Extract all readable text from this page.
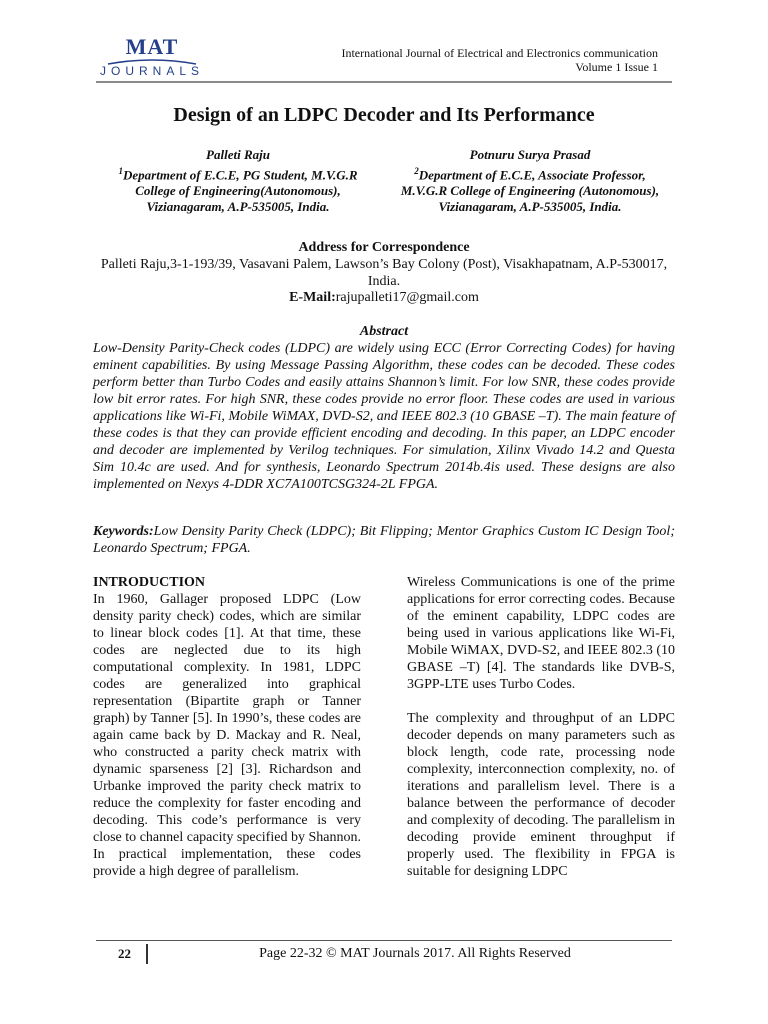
MAT
JOURNALS
International Journal of Electrical and Electronics communication
Volume 1 Issue 1
Design of an LDPC Decoder and Its Performance

Palleti Raju

$^1$Department of E.C.E, PG Student, M.V.G.R

College of Engineering(Autonomous),

Vizianagaram, A.P-535005, India.

Potnuru Surya Prasad

$^2$Department of E.C.E, Associate Professor,

M.V.G.R College of Engineering (Autonomous),

Vizianagaram, A.P-535005, India.

Address for Correspondence
Palleti Raju,3-1-193/39, Vasavani Palem, Lawson’s Bay Colony (Post), Visakhapatnam, A.P-530017, India.
E-Mail:rajupalleti17@gmail.com
Abstract

Low-Density Parity-Check codes (LDPC) are widely using ECC (Error Correcting Codes) for having eminent capabilities. By using Message Passing Algorithm, these codes can be decoded. These codes perform better than Turbo Codes and easily attains Shannon’s limit. For low SNR, these codes provide low bit error rates. For high SNR, these codes provide no error floor. These codes are used in various applications like Wi-Fi, Mobile WiMAX, DVD-S2, and IEEE 802.3 (10 GBASE –T). The main feature of these codes is that they can provide efficient encoding and decoding. In this paper, an LDPC encoder and decoder are implemented by Verilog techniques. For simulation, Xilinx Vivado 14.2 and Questa Sim 10.4c are used. And for synthesis, Leonardo Spectrum 2014b.4is used. These designs are also implemented on Nexys 4-DDR XC7A100TCSG324-2L FPGA.

Keywords:Low Density Parity Check (LDPC); Bit Flipping; Mentor Graphics Custom IC Design Tool; Leonardo Spectrum; FPGA.

INTRODUCTION

In 1960, Gallager proposed LDPC (Low density parity check) codes, which are similar to linear block codes [1]. At that time, these codes are neglected due to its high computational complexity. In 1981, LDPC codes are generalized into graphical representation (Bipartite graph or Tanner graph) by Tanner [5]. In 1990’s, these codes are again came back by D. Mackay and R. Neal, who constructed a parity check matrix with dynamic sparseness [2] [3]. Richardson and Urbanke improved the parity check matrix to reduce the complexity for faster encoding and decoding. This code’s performance is very close to channel capacity specified by Shannon. In practical implementation, these codes provide a high degree of parallelism.

Wireless Communications is one of the prime applications for error correcting codes. Because of the eminent capability, LDPC codes are being used in various applications like Wi-Fi, Mobile WiMAX, DVD-S2, and IEEE 802.3 (10 GBASE –T) [4]. The standards like DVB-S, 3GPP-LTE uses Turbo Codes.

The complexity and throughput of an LDPC decoder depends on many parameters such as block length, code rate, processing node complexity, interconnection complexity, no. of iterations and parallelism level. There is a balance between the performance of decoder and complexity of decoding. The parallelism in decoding provide eminent throughput if properly used. The flexibility in FPGA is suitable for designing LDPC

22	Page 22-32 © MAT Journals 2017. All Rights Reserved
